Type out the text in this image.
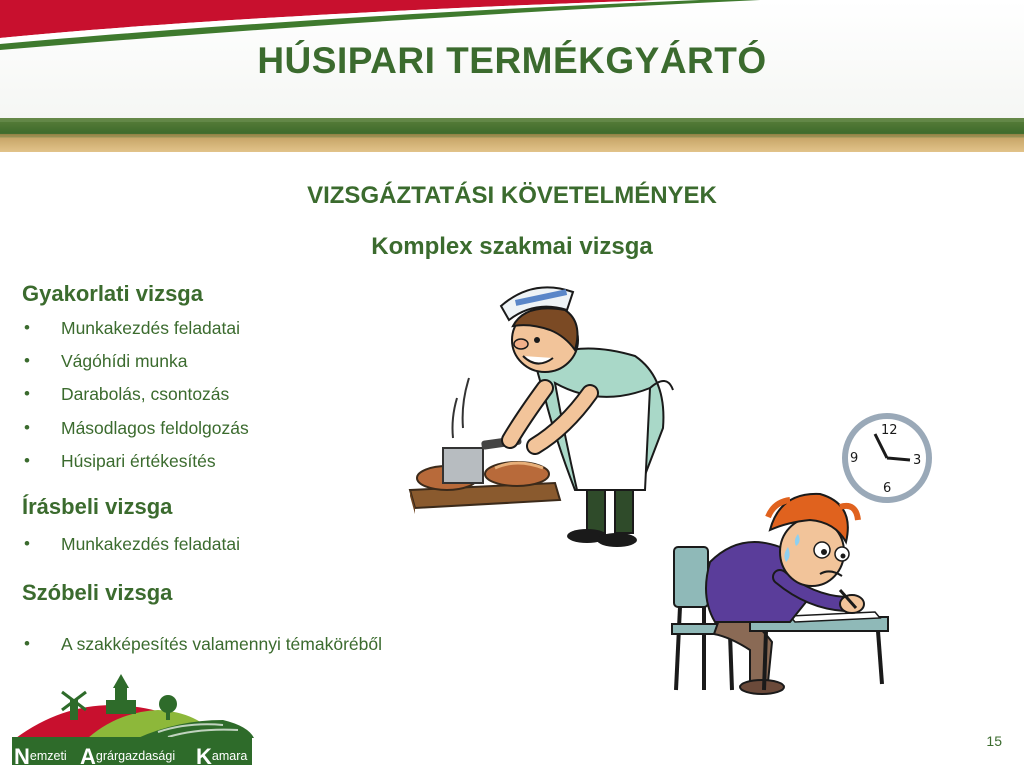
HÚSIPARI TERMÉKGYÁRTÓ
VIZSGÁZTATÁSI KÖVETELMÉNYEK
Komplex szakmai vizsga
Gyakorlati vizsga
• Munkakezdés feladatai
• Vágóhídi munka
• Darabolás, csontozás
• Másodlagos feldolgozás
• Húsipari értékesítés
Írásbeli vizsga
• Munkakezdés feladatai
Szóbeli vizsga
• A szakképesítés valamennyi témaköréből
12
3
6
9
15
Nemzeti Agrárgazdasági Kamara
